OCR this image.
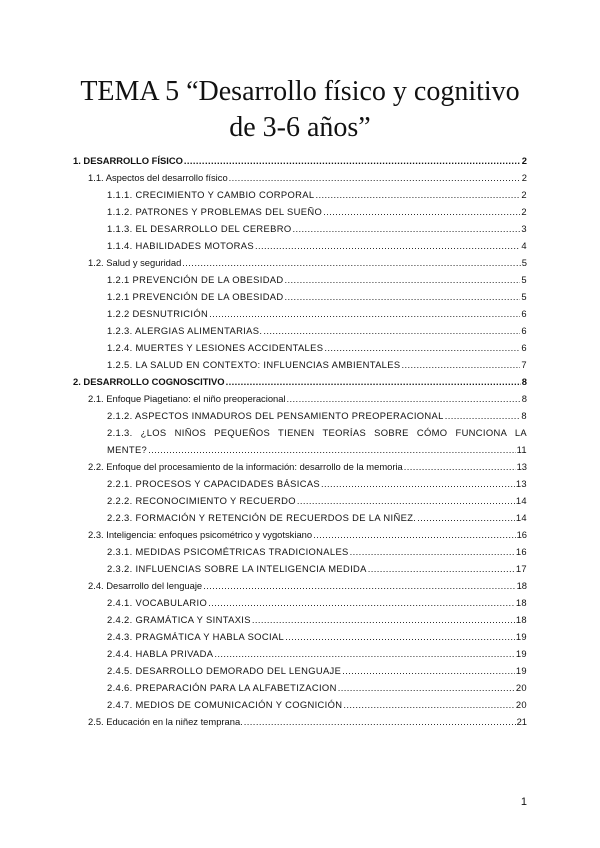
TEMA 5 “Desarrollo físico y cognitivo
de 3-6 años”
1. DESARROLLO FÍSICO .....	2
1.1. Aspectos del desarrollo físico .....	2
1.1.1. CRECIMIENTO Y CAMBIO CORPORAL .....	2
1.1.2. PATRONES Y PROBLEMAS DEL SUEÑO .....	2
1.1.3. EL DESARROLLO DEL CEREBRO .....	3
1.1.4. HABILIDADES MOTORAS .....	4
1.2. Salud y seguridad .....	5
1.2.1 PREVENCIÓN DE LA OBESIDAD .....	5
1.2.1 PREVENCIÓN DE LA OBESIDAD .....	5
1.2.2 DESNUTRICIÓN .....	6
1.2.3. ALERGIAS ALIMENTARIAS. .....	6
1.2.4. MUERTES Y LESIONES ACCIDENTALES .....	6
1.2.5. LA SALUD EN CONTEXTO: INFLUENCIAS AMBIENTALES .....	7
2. DESARROLLO COGNOSCITIVO .....	8
2.1. Enfoque Piagetiano: el niño preoperacional .....	8
2.1.2. ASPECTOS INMADUROS DEL PENSAMIENTO PREOPERACIONAL .....	8
2.1.3. ¿LOS NIÑOS PEQUEÑOS TIENEN TEORÍAS SOBRE CÓMO FUNCIONA LA
MENTE? .....	11
2.2. Enfoque del procesamiento de la información: desarrollo de la memoria .....	13
2.2.1. PROCESOS Y CAPACIDADES BÁSICAS .....	13
2.2.2. RECONOCIMIENTO Y RECUERDO .....	14
2.2.3. FORMACIÓN Y RETENCIÓN DE RECUERDOS DE LA NIÑEZ. .....	14
2.3. Inteligencia: enfoques psicométrico y vygotskiano .....	16
2.3.1. MEDIDAS PSICOMÉTRICAS TRADICIONALES .....	16
2.3.2. INFLUENCIAS SOBRE LA INTELIGENCIA MEDIDA .....	17
2.4. Desarrollo del lenguaje .....	18
2.4.1. VOCABULARIO .....	18
2.4.2. GRAMÁTICA Y SINTAXIS .....	18
2.4.3. PRAGMÁTICA Y HABLA SOCIAL .....	19
2.4.4. HABLA PRIVADA .....	19
2.4.5. DESARROLLO DEMORADO DEL LENGUAJE .....	19
2.4.6. PREPARACIÓN PARA LA ALFABETIZACION .....	20
2.4.7. MEDIOS DE COMUNICACIÓN Y COGNICIÓN .....	20
2.5. Educación en la niñez temprana. .....	21
1
